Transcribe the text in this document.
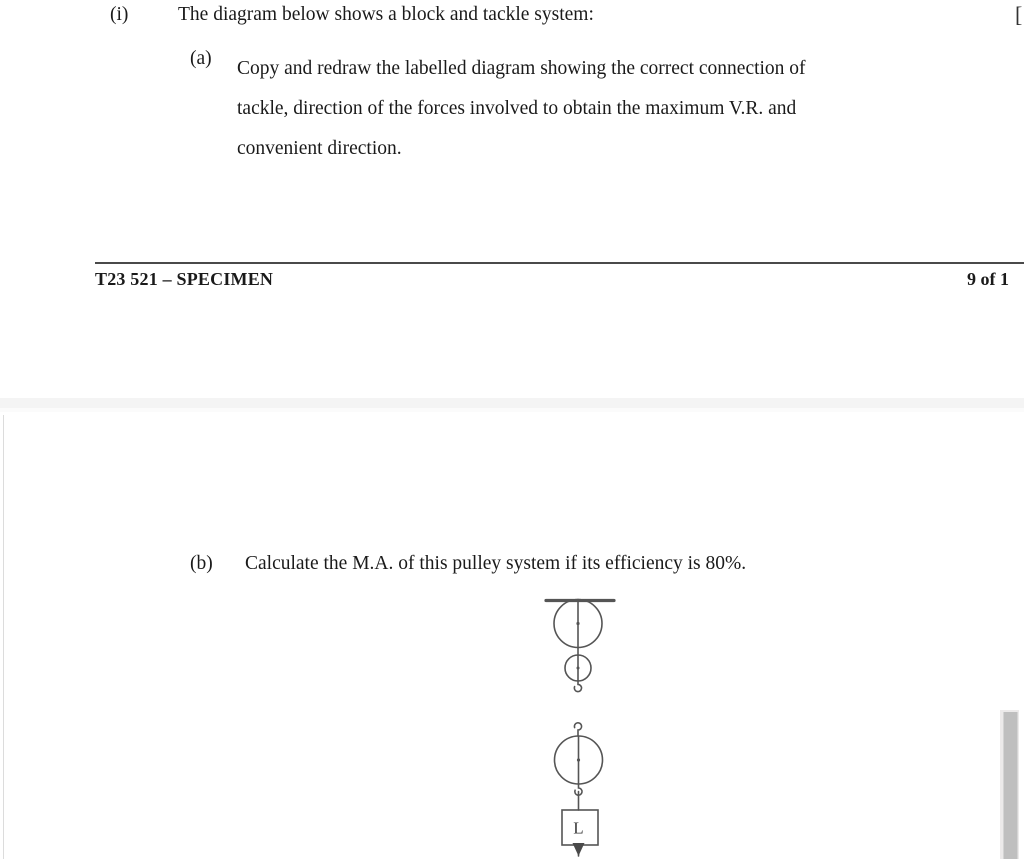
(i)	The diagram below shows a block and tackle system:	[
(a) Copy and redraw the labelled diagram showing the correct connection of
tackle, direction of the forces involved to obtain the maximum V.R. and
convenient direction.
T23 521 – SPECIMEN	9 of 1
(b) Calculate the M.A. of this pulley system if its efficiency is 80%.
L
